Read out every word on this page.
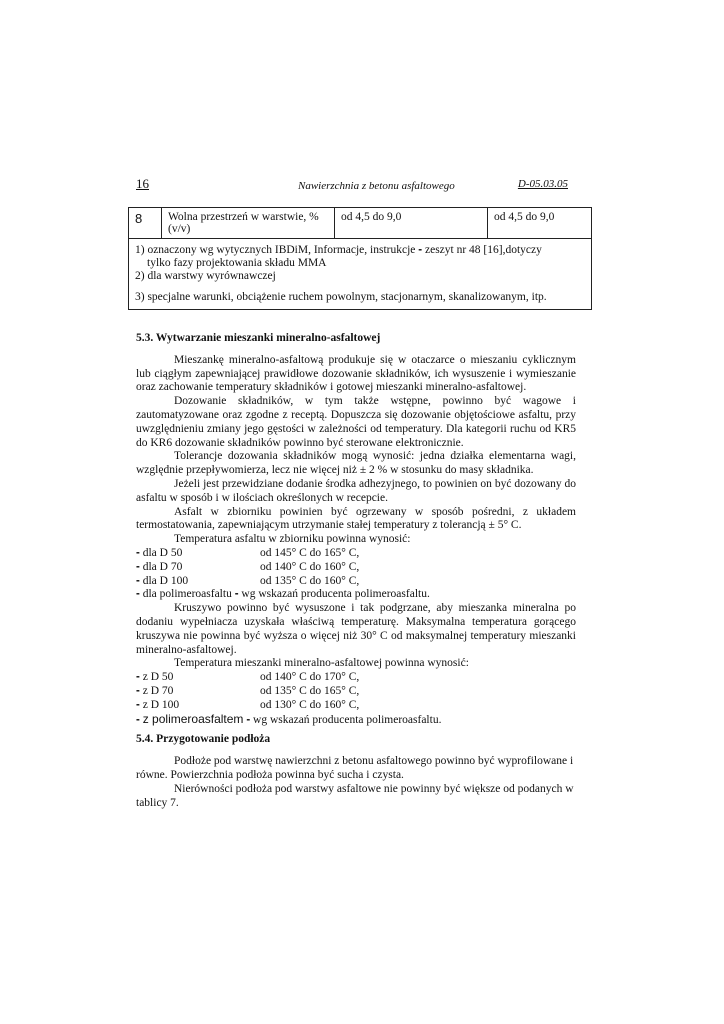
16	Nawierzchnia z betonu asfaltowego	D-05.03.05
8	Wolna przestrzeń w warstwie, % (v/v)	od 4,5 do 9,0	od 4,5 do 9,0

1) oznaczony wg wytycznych IBDiM, Informacje, instrukcje - zeszyt nr 48 [16],dotyczy
tylko fazy projektowania składu MMA
2) dla warstwy wyrównawczej
3) specjalne warunki, obciążenie ruchem powolnym, stacjonarnym, skanalizowanym, itp.

5.3. Wytwarzanie mieszanki mineralno-asfaltowej

Mieszankę mineralno-asfaltową produkuje się w otaczarce o mieszaniu cyklicznym lub ciągłym zapewniającej prawidłowe dozowanie składników, ich wysuszenie i wymieszanie oraz zachowanie temperatury składników i gotowej mieszanki mineralno-asfaltowej.

Dozowanie składników, w tym także wstępne, powinno być wagowe i zautomatyzowane oraz zgodne z receptą. Dopuszcza się dozowanie objętościowe asfaltu, przy uwzględnieniu zmiany jego gęstości w zależności od temperatury. Dla kategorii ruchu od KR5 do KR6 dozowanie składników powinno być sterowane elektronicznie.

Tolerancje dozowania składników mogą wynosić: jedna działka elementarna wagi, względnie przepływomierza, lecz nie więcej niż ± 2 % w stosunku do masy składnika.

Jeżeli jest przewidziane dodanie środka adhezyjnego, to powinien on być dozowany do asfaltu w sposób i w ilościach określonych w recepcie.

Asfalt w zbiorniku powinien być ogrzewany w sposób pośredni, z układem termostatowania, zapewniającym utrzymanie stałej temperatury z tolerancją ± 5° C.

Temperatura asfaltu w zbiorniku powinna wynosić:

- dla D 50	od 145° C do 165° C,
- dla D 70	od 140° C do 160° C,
- dla D 100	od 135° C do 160° C,
- dla polimeroasfaltu - wg wskazań producenta polimeroasfaltu.

Kruszywo powinno być wysuszone i tak podgrzane, aby mieszanka mineralna po dodaniu wypełniacza uzyskała właściwą temperaturę. Maksymalna temperatura gorącego kruszywa nie powinna być wyższa o więcej niż 30° C od maksymalnej temperatury mieszanki mineralno-asfaltowej.

Temperatura mieszanki mineralno-asfaltowej powinna wynosić:

- z D 50	od 140° C do 170° C,
- z D 70	od 135° C do 165° C,
- z D 100	od 130° C do 160° C,
- z polimeroasfaltem - wg wskazań producenta polimeroasfaltu.

5.4. Przygotowanie podłoża

Podłoże pod warstwę nawierzchni z betonu asfaltowego powinno być wyprofilowane i równe. Powierzchnia podłoża powinna być sucha i czysta.

Nierówności podłoża pod warstwy asfaltowe nie powinny być większe od podanych w tablicy 7.
